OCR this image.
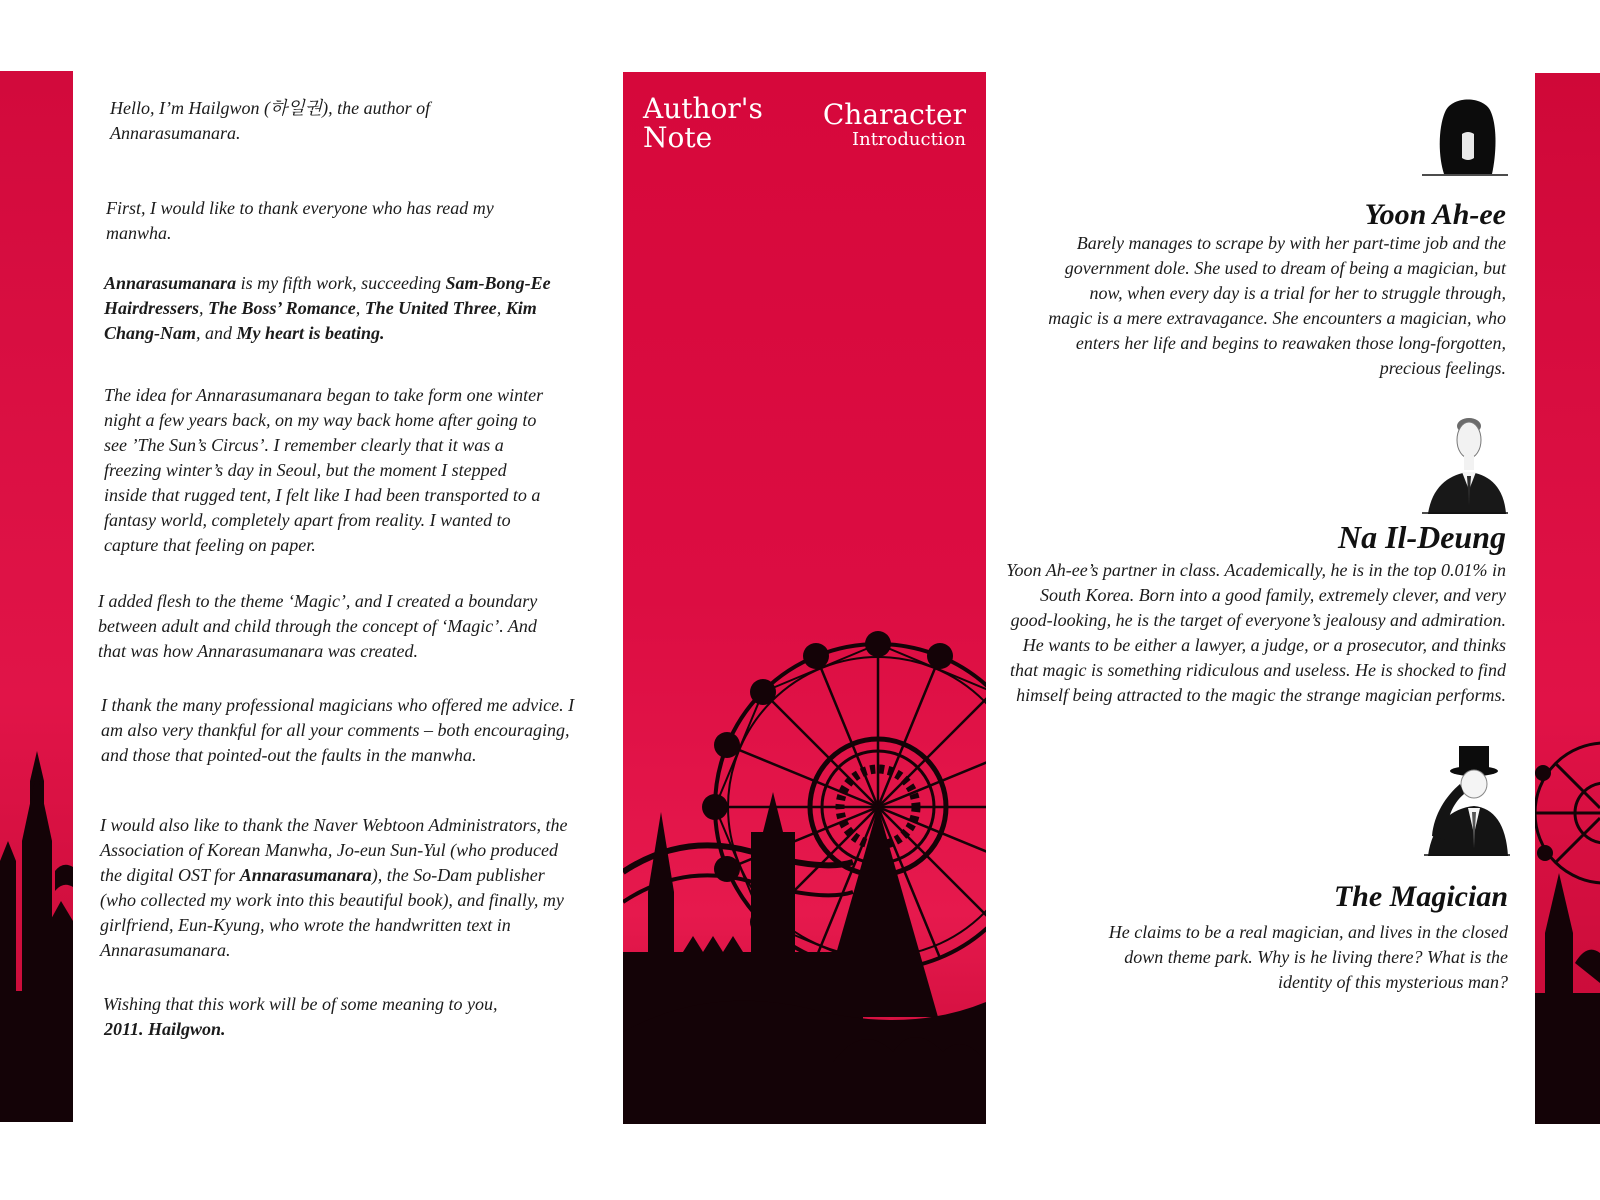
Author's Note
Character
Introduction

Hello, I’m Hailgwon (하일권), the author of Annarasumanara.

First, I would like to thank everyone who has read my manwha.

Annarasumanara is my fifth work, succeeding Sam-Bong-Ee Hairdressers, The Boss’ Romance, The United Three, Kim Chang-Nam, and My heart is beating.

The idea for Annarasumanara began to take form one winter night a few years back, on my way back home after going to see ’The Sun’s Circus’. I remember clearly that it was a freezing winter’s day in Seoul, but the moment I stepped inside that rugged tent, I felt like I had been transported to a fantasy world, completely apart from reality. I wanted to capture that feeling on paper.

I added flesh to the theme ‘Magic’, and I created a boundary between adult and child through the concept of ‘Magic’. And that was how Annarasumanara was created.

I thank the many professional magicians who offered me advice. I am also very thankful for all your comments – both encouraging, and those that pointed-out the faults in the manwha.

I would also like to thank the Naver Webtoon Administrators, the Association of Korean Manwha, Jo-eun Sun-Yul (who produced the digital OST for Annarasumanara), the So-Dam publisher (who collected my work into this beautiful book), and finally, my girlfriend, Eun-Kyung, who wrote the handwritten text in Annarasumanara.

Wishing that this work will be of some meaning to you,

2011. Hailgwon.

Yoon Ah-ee

Barely manages to scrape by with her part-time job and the government dole. She used to dream of being a magician, but now, when every day is a trial for her to struggle through, magic is a mere extravagance. She encounters a magician, who enters her life and begins to reawaken those long-forgotten, precious feelings.

Na Il-Deung

Yoon Ah-ee’s partner in class. Academically, he is in the top 0.01% in South Korea. Born into a good family, extremely clever, and very good-looking, he is the target of everyone’s jealousy and admiration. He wants to be either a lawyer, a judge, or a prosecutor, and thinks that magic is something ridiculous and useless. He is shocked to find himself being attracted to the magic the strange magician performs.

The Magician

He claims to be a real magician, and lives in the closed down theme park. Why is he living there? What is the identity of this mysterious man?
